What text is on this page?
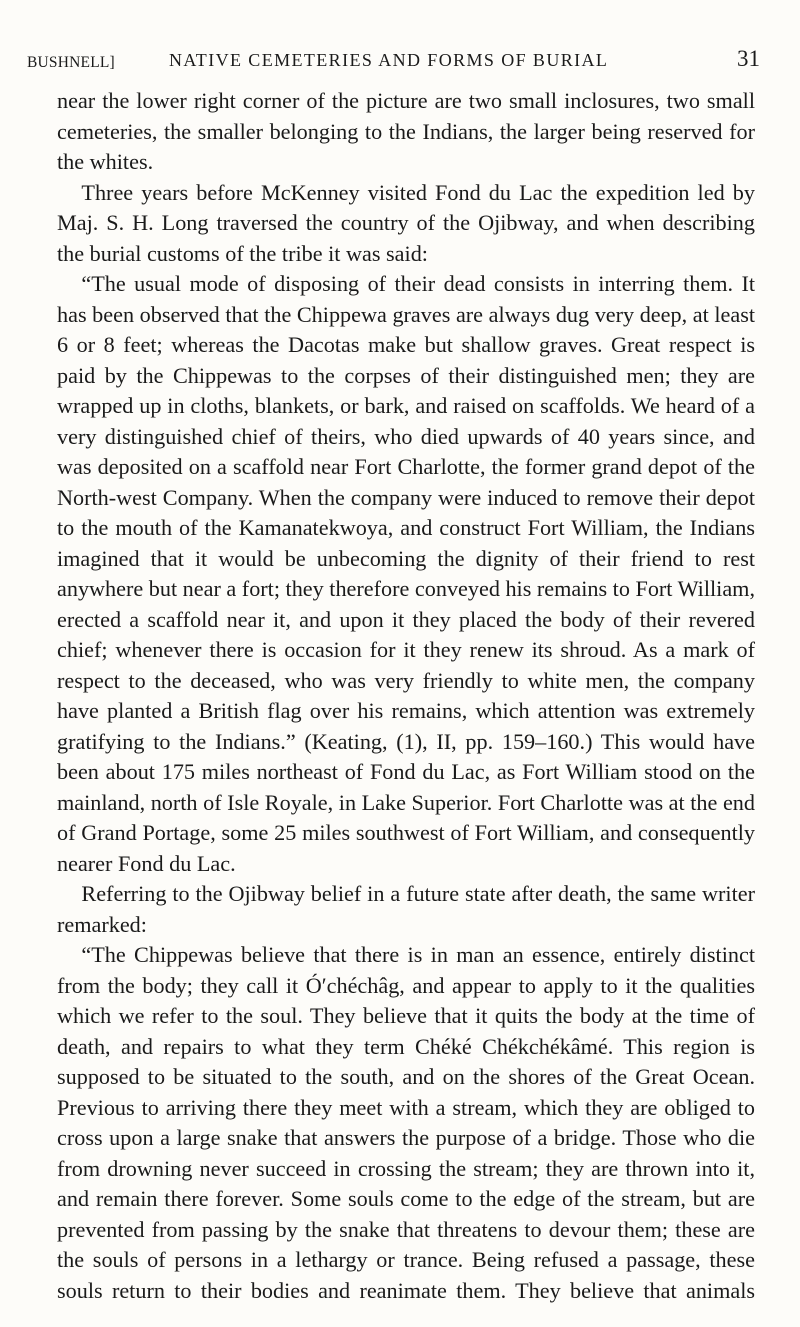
BUSHNELL]	NATIVE CEMETERIES AND FORMS OF BURIAL	31

near the lower right corner of the picture are two small inclosures, two small cemeteries, the smaller belonging to the Indians, the larger being reserved for the whites.

Three years before McKenney visited Fond du Lac the expedition led by Maj. S. H. Long traversed the country of the Ojibway, and when describing the burial customs of the tribe it was said:

“The usual mode of disposing of their dead consists in interring them. It has been observed that the Chippewa graves are always dug very deep, at least 6 or 8 feet; whereas the Dacotas make but shallow graves. Great respect is paid by the Chippewas to the corpses of their distinguished men; they are wrapped up in cloths, blankets, or bark, and raised on scaffolds. We heard of a very distinguished chief of theirs, who died upwards of 40 years since, and was deposited on a scaffold near Fort Charlotte, the former grand depot of the North-west Company. When the company were induced to remove their depot to the mouth of the Kamanatekwoya, and construct Fort William, the Indians imagined that it would be unbecoming the dignity of their friend to rest anywhere but near a fort; they therefore conveyed his remains to Fort William, erected a scaffold near it, and upon it they placed the body of their revered chief; whenever there is occasion for it they renew its shroud. As a mark of respect to the deceased, who was very friendly to white men, the company have planted a British flag over his remains, which attention was extremely gratifying to the Indians.” (Keating, (1), II, pp. 159–160.) This would have been about 175 miles northeast of Fond du Lac, as Fort William stood on the mainland, north of Isle Royale, in Lake Superior. Fort Charlotte was at the end of Grand Portage, some 25 miles southwest of Fort William, and consequently nearer Fond du Lac.

Referring to the Ojibway belief in a future state after death, the same writer remarked:

“The Chippewas believe that there is in man an essence, entirely distinct from the body; they call it Ó′chéchâg, and appear to apply to it the qualities which we refer to the soul. They believe that it quits the body at the time of death, and repairs to what they term Chéké Chékchékâmé. This region is supposed to be situated to the south, and on the shores of the Great Ocean. Previous to arriving there they meet with a stream, which they are obliged to cross upon a large snake that answers the purpose of a bridge. Those who die from drowning never succeed in crossing the stream; they are thrown into it, and remain there forever. Some souls come to the edge of the stream, but are prevented from passing by the snake that threatens to devour them; these are the souls of persons in a lethargy or trance. Being refused a passage, these souls return to their bodies and reanimate them. They believe that animals
